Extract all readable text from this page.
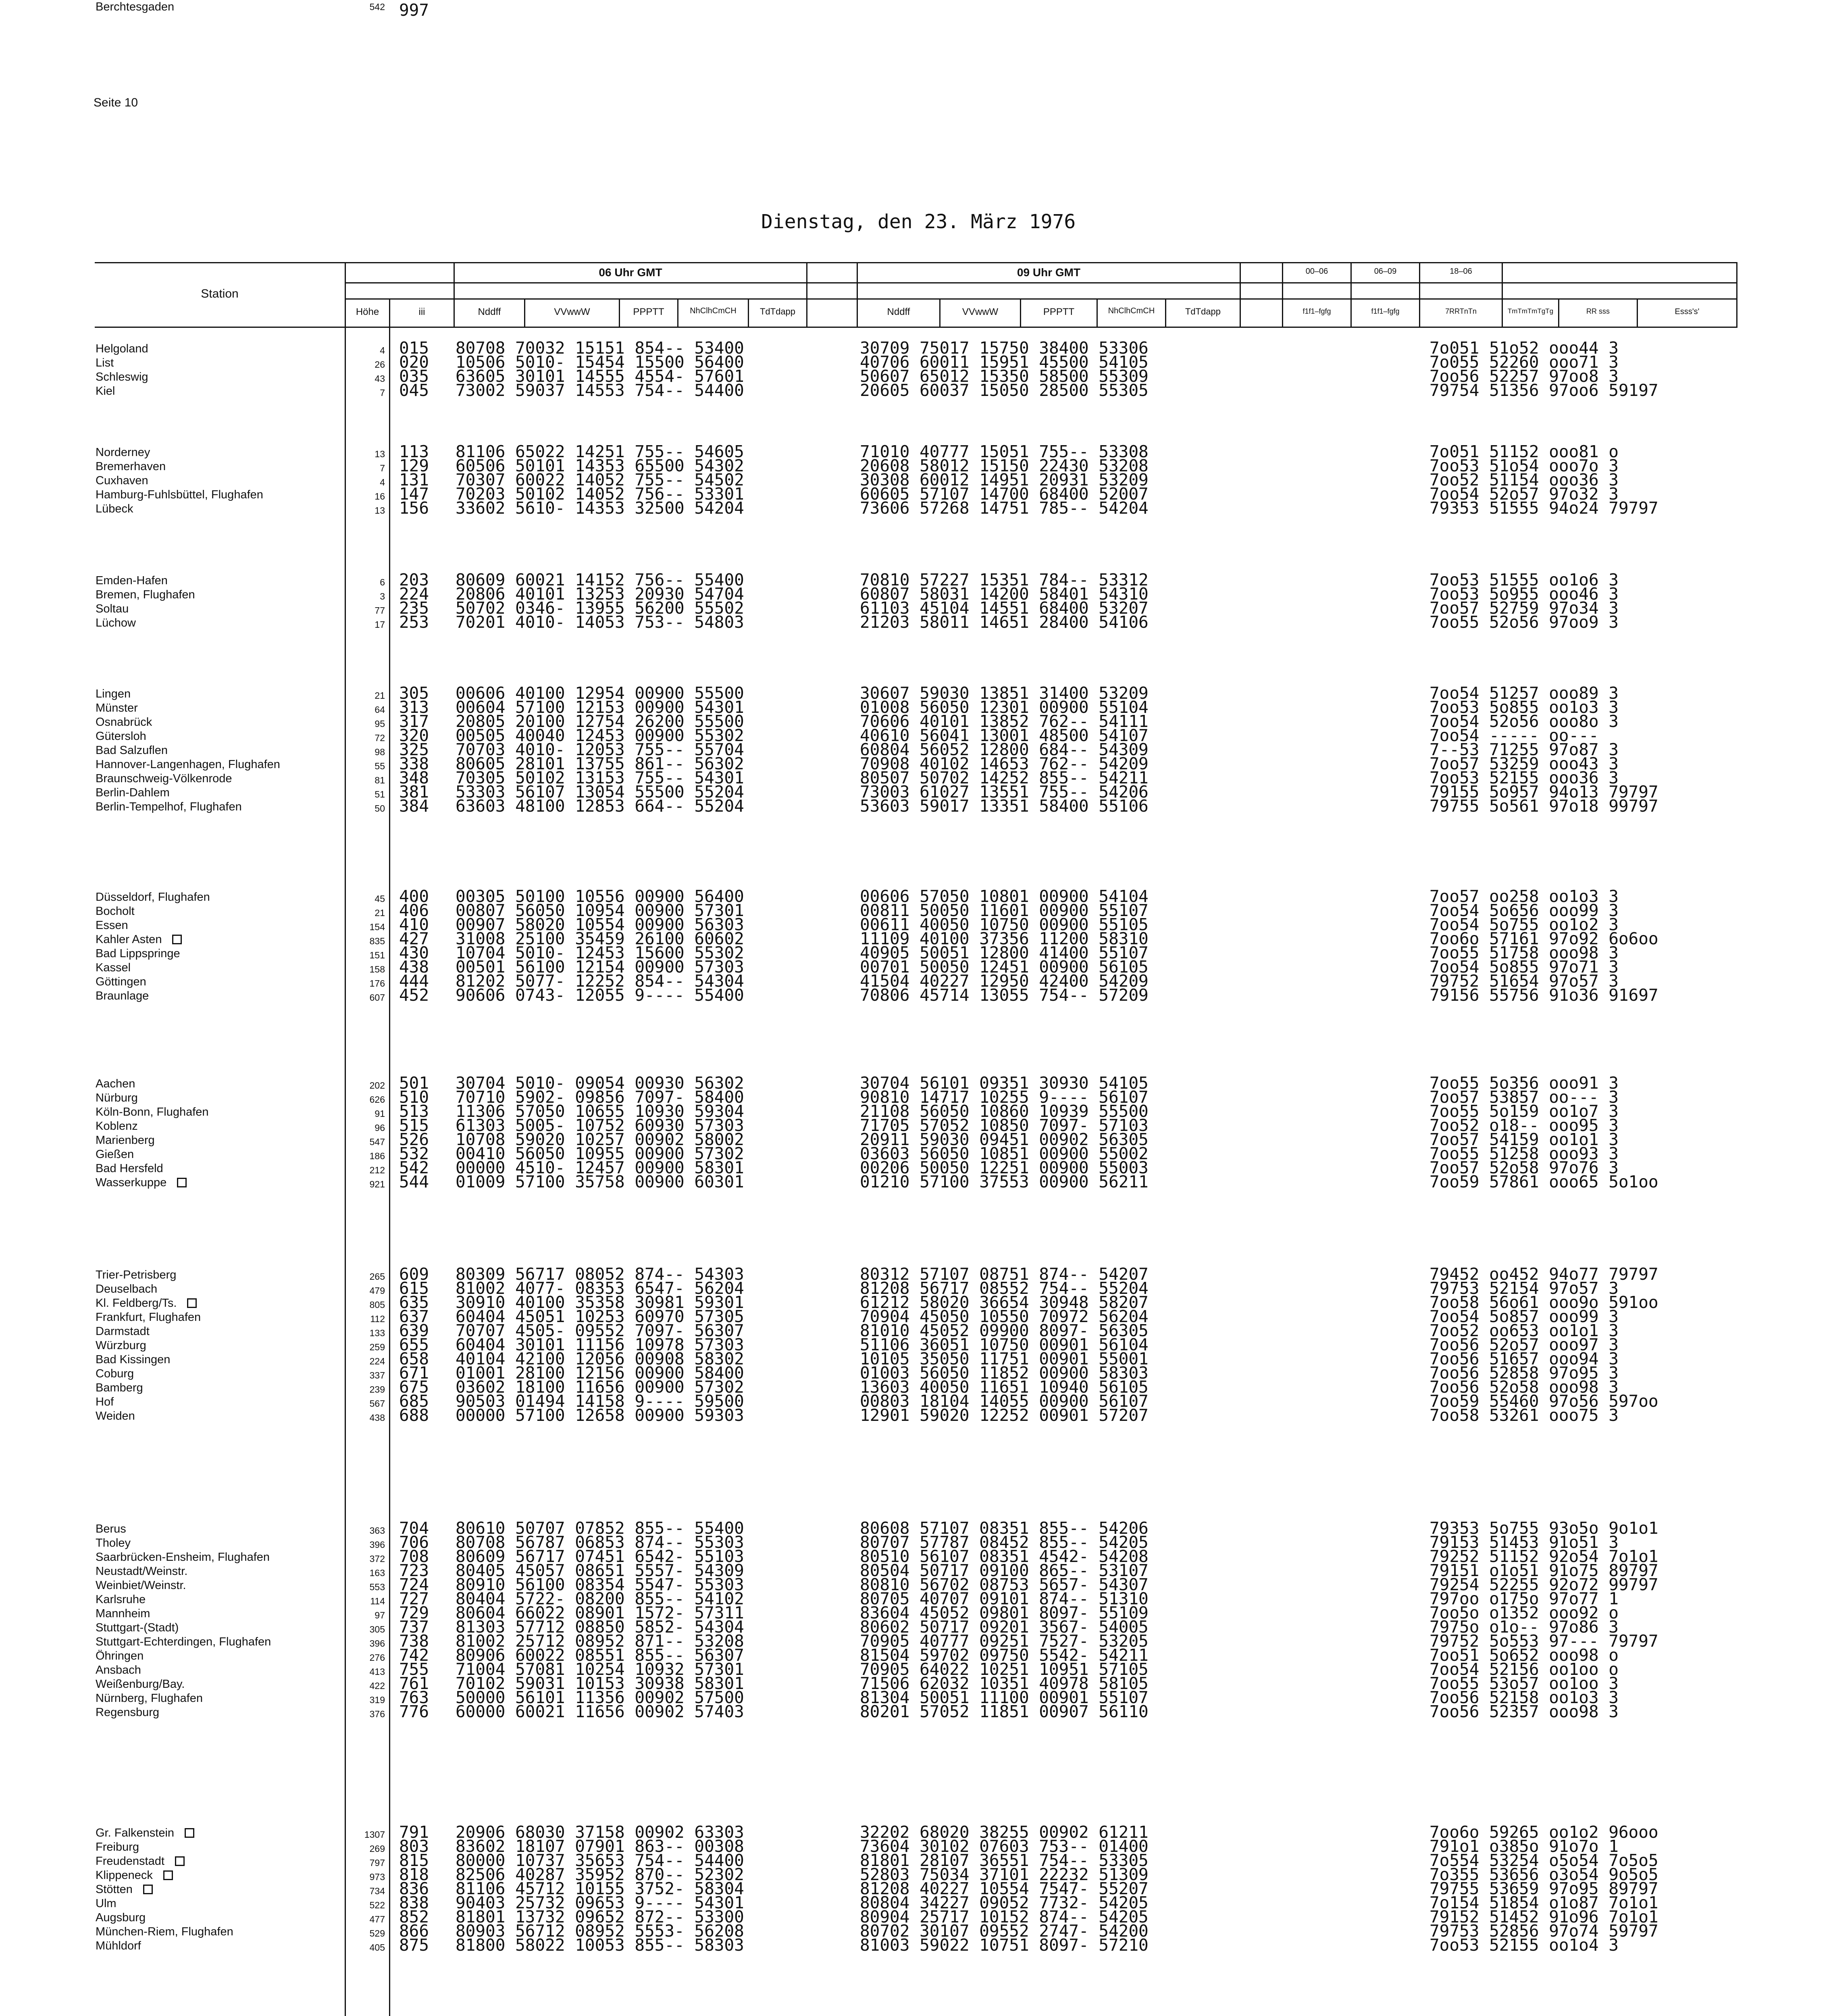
Seite 10
Dienstag, den 23. März 1976
Station
Höhe	iii
06 Uhr GMT
Nddff	VVwwW	PPPTT	NhClhCmCH	TdTdapp
09 Uhr GMT
Nddff	VVwwW	PPPTT	NhClhCmCH	TdTdapp
00–06	06–09	18–06
f1f1–fgfg	f1f1–fgfg	7RRTnTn	TmTmTmTgTg	RR sss	Esss's'
Helgoland	4 015 80708 70032 15151 854-- 53400	30709 75017 15750 38400 53306	7o051 51o52 ooo44 3
List	26 020 10506 5010- 15454 15500 56400	40706 60011 15951 45500 54105	7o055 52260 ooo71 3
Schleswig	43 035 63605 30101 14555 4554- 57601	50607 65012 15350 58500 55309	7oo56 52257 97oo8 3
Kiel	7 045 73002 59037 14553 754-- 54400	20605 60037 15050 28500 55305	79754 51356 97oo6 59197
Norderney	13 113 81106 65022 14251 755-- 54605	71010 40777 15051 755-- 53308	7o051 51152 ooo81 o
Bremerhaven	7 129 60506 50101 14353 65500 54302	20608 58012 15150 22430 53208	7oo53 51o54 ooo7o 3
Cuxhaven	4 131 70307 60022 14052 755-- 54502	30308 60012 14951 20931 53209	7oo52 51154 ooo36 3
Hamburg-Fuhlsbüttel, Flughafen	16 147 70203 50102 14052 756-- 53301	60605 57107 14700 68400 52007	7oo54 52o57 97o32 3
Lübeck	13 156 33602 5610- 14353 32500 54204	73606 57268 14751 785-- 54204	79353 51555 94o24 79797
Emden-Hafen	6 203 80609 60021 14152 756-- 55400	70810 57227 15351 784-- 53312	7oo53 51555 oo1o6 3
Bremen, Flughafen	3 224 20806 40101 13253 20930 54704	60807 58031 14200 58401 54310	7oo53 5o955 ooo46 3
Soltau	77 235 50702 0346- 13955 56200 55502	61103 45104 14551 68400 53207	7oo57 52759 97o34 3
Lüchow	17 253 70201 4010- 14053 753-- 54803	21203 58011 14651 28400 54106	7oo55 52o56 97oo9 3
Lingen	21 305 00606 40100 12954 00900 55500	30607 59030 13851 31400 53209	7oo54 51257 ooo89 3
Münster	64 313 00604 57100 12153 00900 54301	01008 56050 12301 00900 55104	7oo53 5o855 oo1o3 3
Osnabrück	95 317 20805 20100 12754 26200 55500	70606 40101 13852 762-- 54111	7oo54 52o56 ooo8o 3
Gütersloh	72 320 00505 40040 12453 00900 55302	40610 56041 13001 48500 54107	7oo54 ----- oo---
Bad Salzuflen	98 325 70703 4010- 12053 755-- 55704	60804 56052 12800 684-- 54309	7--53 71255 97o87 3
Hannover-Langenhagen, Flughafen	55 338 80605 28101 13755 861-- 56302	70908 40102 14653 762-- 54209	7oo57 53259 ooo43 3
Braunschweig-Völkenrode	81 348 70305 50102 13153 755-- 54301	80507 50702 14252 855-- 54211	7oo53 52155 ooo36 3
Berlin-Dahlem	51 381 53303 56107 13054 55500 55204	73003 61027 13551 755-- 54206	79155 5o957 94o13 79797
Berlin-Tempelhof, Flughafen	50 384 63603 48100 12853 664-- 55204	53603 59017 13351 58400 55106	79755 5o561 97o18 99797
Düsseldorf, Flughafen	45 400 00305 50100 10556 00900 56400	00606 57050 10801 00900 54104	7oo57 oo258 oo1o3 3
Bocholt	21 406 00807 56050 10954 00900 57301	00811 50050 11601 00900 55107	7oo54 5o656 ooo99 3
Essen	154 410 00907 58020 10554 00900 56303	00611 40050 10750 00900 55105	7oo54 5o755 oo1o2 3
Kahler Asten	835 427 31008 25100 35459 26100 60602	11109 40100 37356 11200 58310	7oo6o 57161 97o92 6o6oo
Bad Lippspringe	151 430 10704 5010- 12453 15600 55302	40905 50051 12800 41400 55107	7oo55 51758 ooo98 3
Kassel	158 438 00501 56100 12154 00900 57303	00701 50050 12451 00900 56105	7oo54 5o855 97o71 3
Göttingen	176 444 81202 5077- 12252 854-- 54304	41504 40227 12950 42400 54209	79752 51654 97o57 3
Braunlage	607 452 90606 0743- 12055 9---- 55400	70806 45714 13055 754-- 57209	79156 55756 91o36 91697
Aachen	202 501 30704 5010- 09054 00930 56302	30704 56101 09351 30930 54105	7oo55 5o356 ooo91 3
Nürburg	626 510 70710 5902- 09856 7097- 58400	90810 14717 10255 9---- 56107	7oo57 53857 oo--- 3
Köln-Bonn, Flughafen	91 513 11306 57050 10655 10930 59304	21108 56050 10860 10939 55500	7oo55 5o159 oo1o7 3
Koblenz	96 515 61303 5005- 10752 60930 57303	71705 57052 10850 7097- 57103	7oo52 o18-- ooo95 3
Marienberg	547 526 10708 59020 10257 00902 58002	20911 59030 09451 00902 56305	7oo57 54159 oo1o1 3
Gießen	186 532 00410 56050 10955 00900 57302	03603 56050 10851 00900 55002	7oo55 51258 ooo93 3
Bad Hersfeld	212 542 00000 4510- 12457 00900 58301	00206 50050 12251 00900 55003	7oo57 52o58 97o76 3
Wasserkuppe	921 544 01009 57100 35758 00900 60301	01210 57100 37553 00900 56211	7oo59 57861 ooo65 5o1oo
Trier-Petrisberg	265 609 80309 56717 08052 874-- 54303	80312 57107 08751 874-- 54207	79452 oo452 94o77 79797
Deuselbach	479 615 81002 4077- 08353 6547- 56204	81208 56717 08552 754-- 55204	79753 52154 97o57 3
Kl. Feldberg/Ts.	805 635 30910 40100 35358 30981 59301	61212 58020 36654 30948 58207	7oo58 56o61 ooo9o 591oo
Frankfurt, Flughafen	112 637 60404 45051 10253 60970 57305	70904 45050 10550 70972 56204	7oo54 5o857 ooo99 3
Darmstadt	133 639 70707 4505- 09552 7097- 56307	81010 45052 09900 8097- 56305	7oo52 oo653 oo1o1 3
Würzburg	259 655 60404 30101 11156 10978 57303	51106 36051 10750 00901 56104	7oo56 52o57 ooo97 3
Bad Kissingen	224 658 40104 42100 12056 00908 58302	10105 35050 11751 00901 55001	7oo56 51657 ooo94 3
Coburg	337 671 01001 28100 12156 00900 58400	01003 56050 11852 00900 58303	7oo56 52858 97o95 3
Bamberg	239 675 03602 18100 11656 00900 57302	13603 40050 11651 10940 56105	7oo56 52o58 ooo98 3
Hof	567 685 90503 01494 14158 9---- 59500	00803 18104 14055 00900 56107	7oo59 55460 97o56 597oo
Weiden	438 688 00000 57100 12658 00900 59303	12901 59020 12252 00901 57207	7oo58 53261 ooo75 3
Berus	363 704 80610 50707 07852 855-- 55400	80608 57107 08351 855-- 54206	79353 5o755 93o5o 9o1o1
Tholey	396 706 80708 56787 06853 874-- 55303	80707 57787 08452 855-- 54205	79153 51453 91o51 3
Saarbrücken-Ensheim, Flughafen	372 708 80609 56717 07451 6542- 55103	80510 56107 08351 4542- 54208	79252 51152 92o54 7o1o1
Neustadt/Weinstr.	163 723 80405 45057 08651 5557- 54309	80504 50717 09100 865-- 53107	79151 o1o51 91o75 89797
Weinbiet/Weinstr.	553 724 80910 56100 08354 5547- 55303	80810 56702 08753 5657- 54307	79254 52255 92o72 99797
Karlsruhe	114 727 80404 5722- 08200 855-- 54102	80705 40707 09101 874-- 51310	797oo o175o 97o77 1
Mannheim	97 729 80604 66022 08901 1572- 57311	83604 45052 09801 8097- 55109	7oo5o o1352 ooo92 o
Stuttgart-(Stadt)	305 737 81303 57712 08850 5852- 54304	80602 50717 09201 3567- 54005	7975o o1o-- 97o86 3
Stuttgart-Echterdingen, Flughafen	396 738 81002 25712 08952 871-- 53208	70905 40777 09251 7527- 53205	79752 5o553 97--- 79797
Öhringen	276 742 80906 60022 08551 855-- 56307	81504 59702 09750 5542- 54211	7oo51 5o652 ooo98 o
Ansbach	413 755 71004 57081 10254 10932 57301	70905 64022 10251 10951 57105	7oo54 52156 oo1oo o
Weißenburg/Bay.	422 761 70102 59031 10153 30938 58301	71506 62032 10351 40978 58105	7oo55 53o57 oo1oo 3
Nürnberg, Flughafen	319 763 50000 56101 11356 00902 57500	81304 50051 11100 00901 55107	7oo56 52158 oo1o3 3
Regensburg	376 776 60000 60021 11656 00902 57403	80201 57052 11851 00907 56110	7oo56 52357 ooo98 3
Gr. Falkenstein	1307 791 20906 68030 37158 00902 63303	32202 68020 38255 00902 61211	7oo6o 59265 oo1o2 96ooo
Freiburg	269 803 83602 18107 07901 863-- 00308	73604 30102 07603 753-- 01400	791o1 o385o 91o7o 1
Freudenstadt	797 815 80000 10737 35653 754-- 54400	81801 28107 36551 754-- 53305	7o554 53254 o5o54 7o5o5
Klippeneck	973 818 82506 40287 35952 870-- 52302	52803 75034 37101 22232 51309	7o355 53656 o3o54 9o5o5
Stötten	734 836 81106 45712 10155 3752- 58304	81208 40227 10554 7547- 55207	79755 53659 97o95 89797
Ulm	522 838 90403 25732 09653 9---- 54301	80804 34227 09052 7732- 54205	7o154 51854 o1o87 7o1o1
Augsburg	477 852 81801 13732 09652 872-- 53300	80904 25717 10152 874-- 54205	79152 51452 91o96 7o1o1
München-Riem, Flughafen	529 866 80903 56712 08952 5553- 56208	80702 30107 09552 2747- 54200	79753 52856 97o74 59797
Mühldorf	405 875 81800 58022 10053 855-- 58303	81003 59022 10751 8097- 57210	7oo53 52155 oo1o4 3
Berchtesgaden	542 997
